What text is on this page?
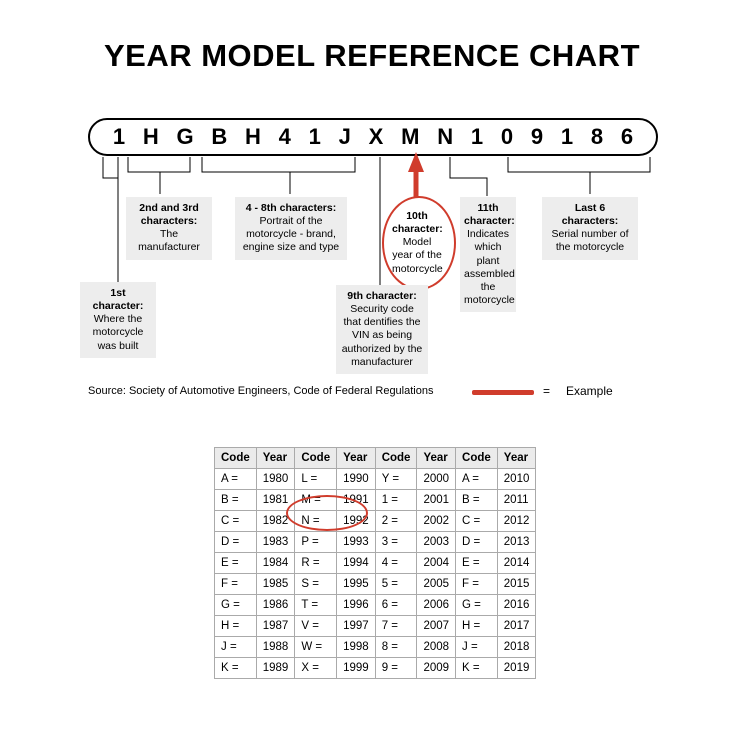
YEAR MODEL REFERENCE CHART
1 H G B H 4 1 J X M N 1 0 9 1 8 6
1st character:
Where the motorcycle was built
2nd and 3rd characters:
The manufacturer
4 - 8th characters:
Portrait of the motorcycle - brand, engine size and type
9th character:
Security code that dentifies the VIN as being authorized by the manufacturer
10th character:
Model year of the motorcycle
11th character:
Indicates which plant assembled the motorcycle
Last 6 characters:
Serial number of the motorcycle
Source: Society of Automotive Engineers, Code of Federal Regulations	= Example
Code	Year	Code	Year	Code	Year	Code	Year
A =	1980	L =	1990	Y =	2000	A =	2010
B =	1981	M =	1991	1 =	2001	B =	2011
C =	1982	N =	1992	2 =	2002	C =	2012
D =	1983	P =	1993	3 =	2003	D =	2013
E =	1984	R =	1994	4 =	2004	E =	2014
F =	1985	S =	1995	5 =	2005	F =	2015
G =	1986	T =	1996	6 =	2006	G =	2016
H =	1987	V =	1997	7 =	2007	H =	2017
J =	1988	W =	1998	8 =	2008	J =	2018
K =	1989	X =	1999	9 =	2009	K =	2019
